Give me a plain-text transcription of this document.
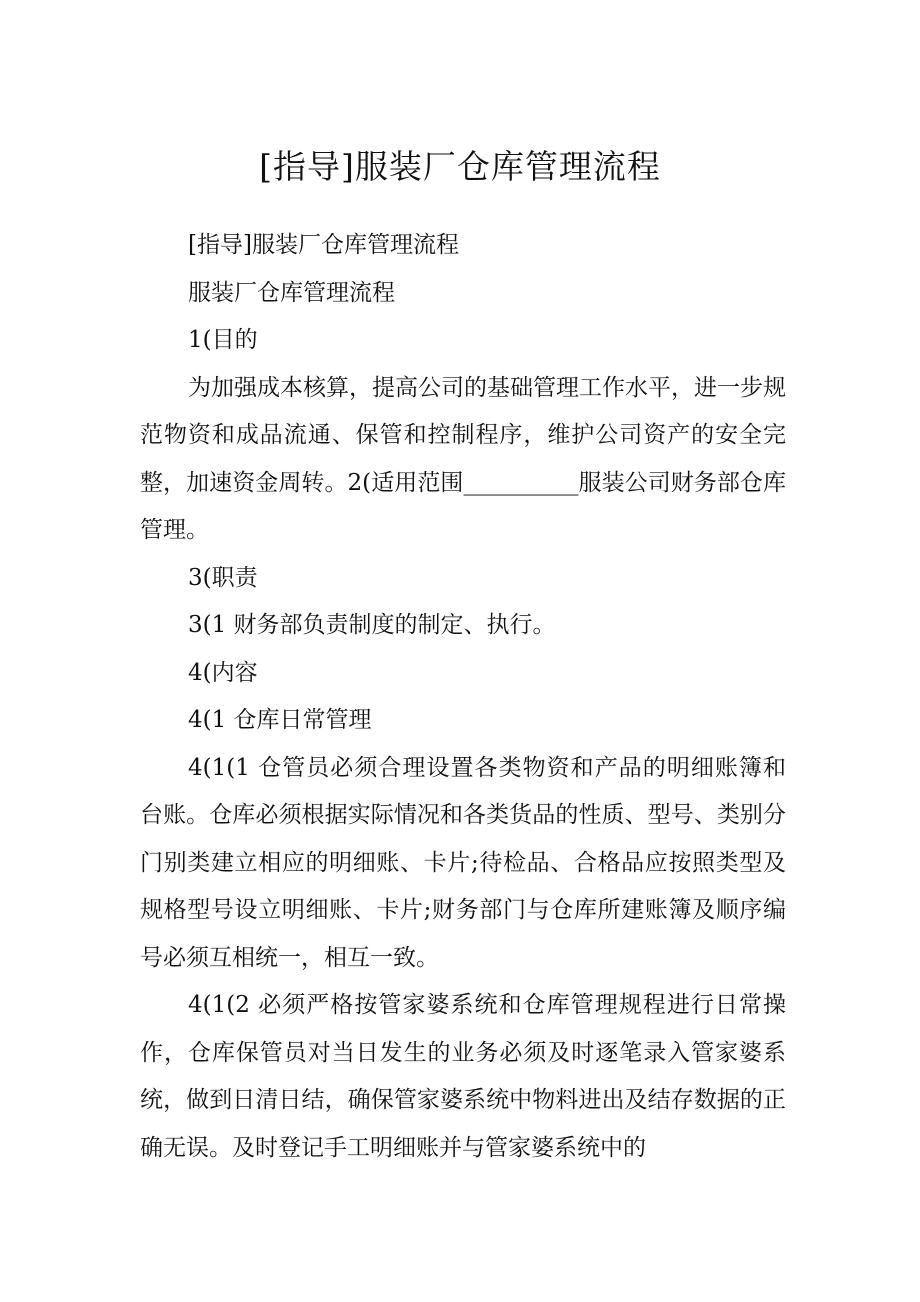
[指导]服装厂仓库管理流程

[指导]服装厂仓库管理流程

服装厂仓库管理流程

1(目的

为加强成本核算，提高公司的基础管理工作水平，进一步规范物资和成品流通、保管和控制程序，维护公司资产的安全完整，加速资金周转。2(适用范围__________服装公司财务部仓库管理。

3(职责

3(1 财务部负责制度的制定、执行。

4(内容

4(1 仓库日常管理

4(1(1 仓管员必须合理设置各类物资和产品的明细账簿和台账。仓库必须根据实际情况和各类货品的性质、型号、类别分门别类建立相应的明细账、卡片;待检品、合格品应按照类型及规格型号设立明细账、卡片;财务部门与仓库所建账簿及顺序编号必须互相统一，相互一致。

4(1(2 必须严格按管家婆系统和仓库管理规程进行日常操作，仓库保管员对当日发生的业务必须及时逐笔录入管家婆系统，做到日清日结，确保管家婆系统中物料进出及结存数据的正确无误。及时登记手工明细账并与管家婆系统中的
